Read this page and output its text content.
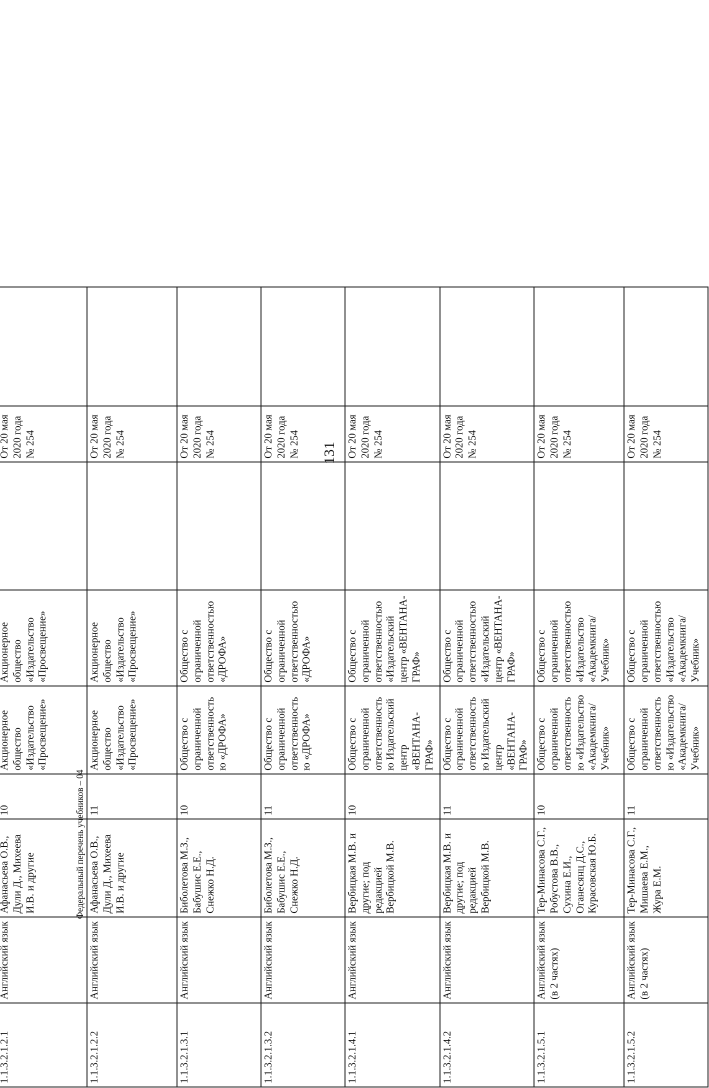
131
Федеральный перечень учебников – 04
1.1.3.2.1.2.1	Английский язык	Афанасьева О.В., Дули Д., Михеева И.В. и другие	10	Акционерное общество «Издательство «Просвещение»	Акционерное общество «Издательство «Просвещение»		От 20 мая 2020 года № 254	
1.1.3.2.1.2.2	Английский язык	Афанасьева О.В., Дули Д., Михеева И.В. и другие	11	Акционерное общество «Издательство «Просвещение»	Акционерное общество «Издательство «Просвещение»		От 20 мая 2020 года № 254	
1.1.3.2.1.3.1	Английский язык	Биболетова М.З., Бабушис Е.Е., Снежко Н.Д.	10	Общество с ограниченной ответственностью «ДРОФА»	Общество с ограниченной ответственностью «ДРОФА»		От 20 мая 2020 года № 254	
1.1.3.2.1.3.2	Английский язык	Биболетова М.З., Бабушис Е.Е., Снежко Н.Д.	11	Общество с ограниченной ответственностью «ДРОФА»	Общество с ограниченной ответственностью «ДРОФА»		От 20 мая 2020 года № 254	
1.1.3.2.1.4.1	Английский язык	Вербицкая М.В. и другие; под редакцией Вербицкой М.В.	10	Общество с ограниченной ответственностью Издательский центр «ВЕНТАНА-ГРАФ»	Общество с ограниченной ответственностью «Издательский центр «ВЕНТАНА-ГРАФ»		От 20 мая 2020 года № 254	
1.1.3.2.1.4.2	Английский язык	Вербицкая М.В. и другие; под редакцией Вербицкой М.В.	11	Общество с ограниченной ответственностью Издательский центр «ВЕНТАНА-ГРАФ»	Общество с ограниченной ответственностью «Издательский центр «ВЕНТАНА-ГРАФ»		От 20 мая 2020 года № 254	
1.1.3.2.1.5.1	Английский язык (в 2 частях)	Тер-Минасова С.Г., Робустова В.В., Сухина Е.И., Оганесянц Д.С., Курасовская Ю.Б.	10	Общество с ограниченной ответственностью «Издательство «Академкнига/Учебник»	Общество с ограниченной ответственностью «Издательство «Академкнига/Учебник»		От 20 мая 2020 года № 254	
1.1.3.2.1.5.2	Английский язык (в 2 частях)	Тер-Минасова С.Г., Мишаева Е.М., Жура Е.М.	11	Общество с ограниченной ответственностью «Издательство «Академкнига/Учебник»	Общество с ограниченной ответственностью «Издательство «Академкнига/Учебник»		От 20 мая 2020 года № 254	
